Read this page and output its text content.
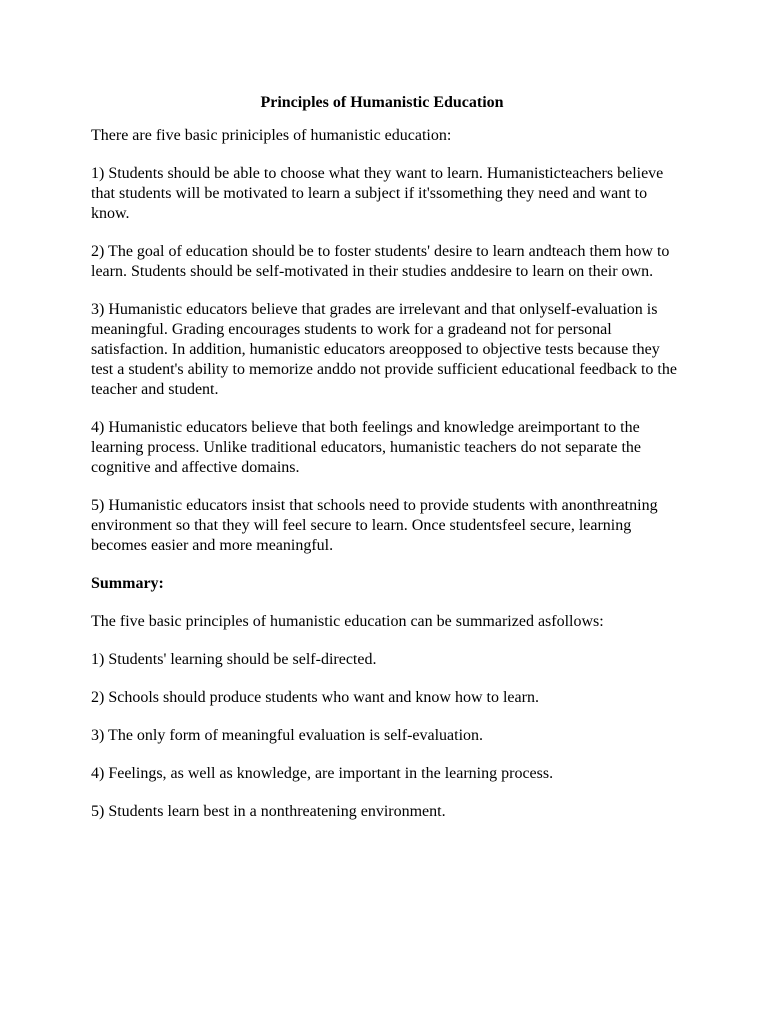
Principles of Humanistic Education
There are five basic priniciples of humanistic education:
1) Students should be able to choose what they want to learn. Humanisticteachers believe that students will be motivated to learn a subject if it'ssomething they need and want to know.
2) The goal of education should be to foster students' desire to learn andteach them how to learn. Students should be self-motivated in their studies anddesire to learn on their own.
3) Humanistic educators believe that grades are irrelevant and that onlyself-evaluation is meaningful. Grading encourages students to work for a gradeand not for personal satisfaction. In addition, humanistic educators areopposed to objective tests because they test a student's ability to memorize anddo not provide sufficient educational feedback to the teacher and student.
4) Humanistic educators believe that both feelings and knowledge areimportant to the learning process. Unlike traditional educators, humanistic teachers do not separate the cognitive and affective domains.
5) Humanistic educators insist that schools need to provide students with anonthreatning environment so that they will feel secure to learn. Once studentsfeel secure, learning becomes easier and more meaningful.
Summary:
The five basic principles of humanistic education can be summarized asfollows:
1) Students' learning should be self-directed.
2) Schools should produce students who want and know how to learn.
3) The only form of meaningful evaluation is self-evaluation.
4) Feelings, as well as knowledge, are important in the learning process.
5) Students learn best in a nonthreatening environment.
